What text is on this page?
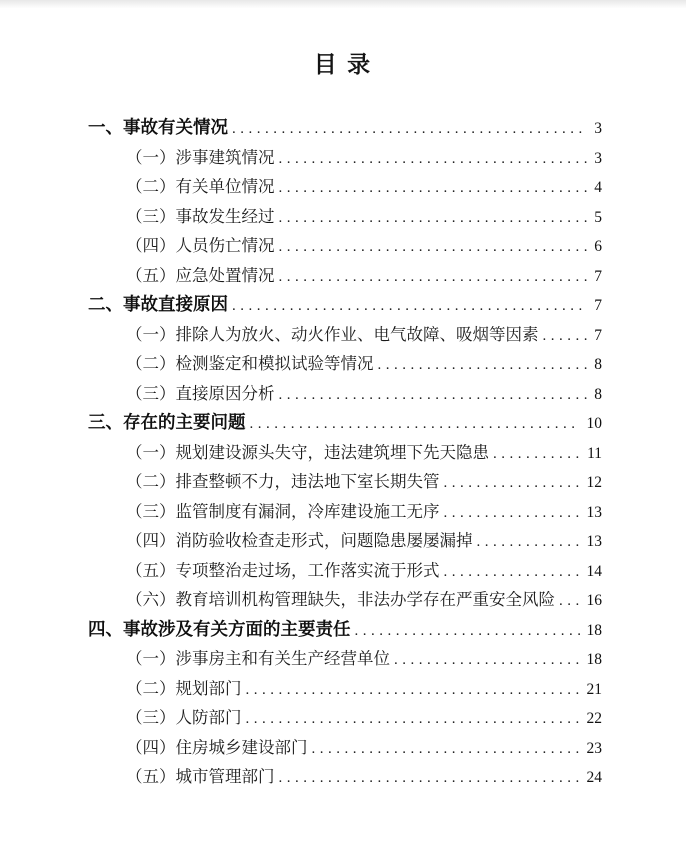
目 录
一、事故有关情况 .....	3
（一）涉事建筑情况 .....	3
（二）有关单位情况 .....	4
（三）事故发生经过 .....	5
（四）人员伤亡情况 .....	6
（五）应急处置情况 .....	7
二、事故直接原因 .....	7
（一）排除人为放火、动火作业、电气故障、吸烟等因素 .....	7
（二）检测鉴定和模拟试验等情况 .....	8
（三）直接原因分析 .....	8
三、存在的主要问题 .....	10
（一）规划建设源头失守，违法建筑埋下先天隐患 .....	11
（二）排查整顿不力，违法地下室长期失管 .....	12
（三）监管制度有漏洞，冷库建设施工无序 .....	13
（四）消防验收检查走形式，问题隐患屡屡漏掉 .....	13
（五）专项整治走过场，工作落实流于形式 .....	14
（六）教育培训机构管理缺失，非法办学存在严重安全风险 ..... 16
四、事故涉及有关方面的主要责任 .....	18
（一）涉事房主和有关生产经营单位 .....	18
（二）规划部门 .....	21
（三）人防部门 .....	22
（四）住房城乡建设部门 .....	23
（五）城市管理部门 .....	24
